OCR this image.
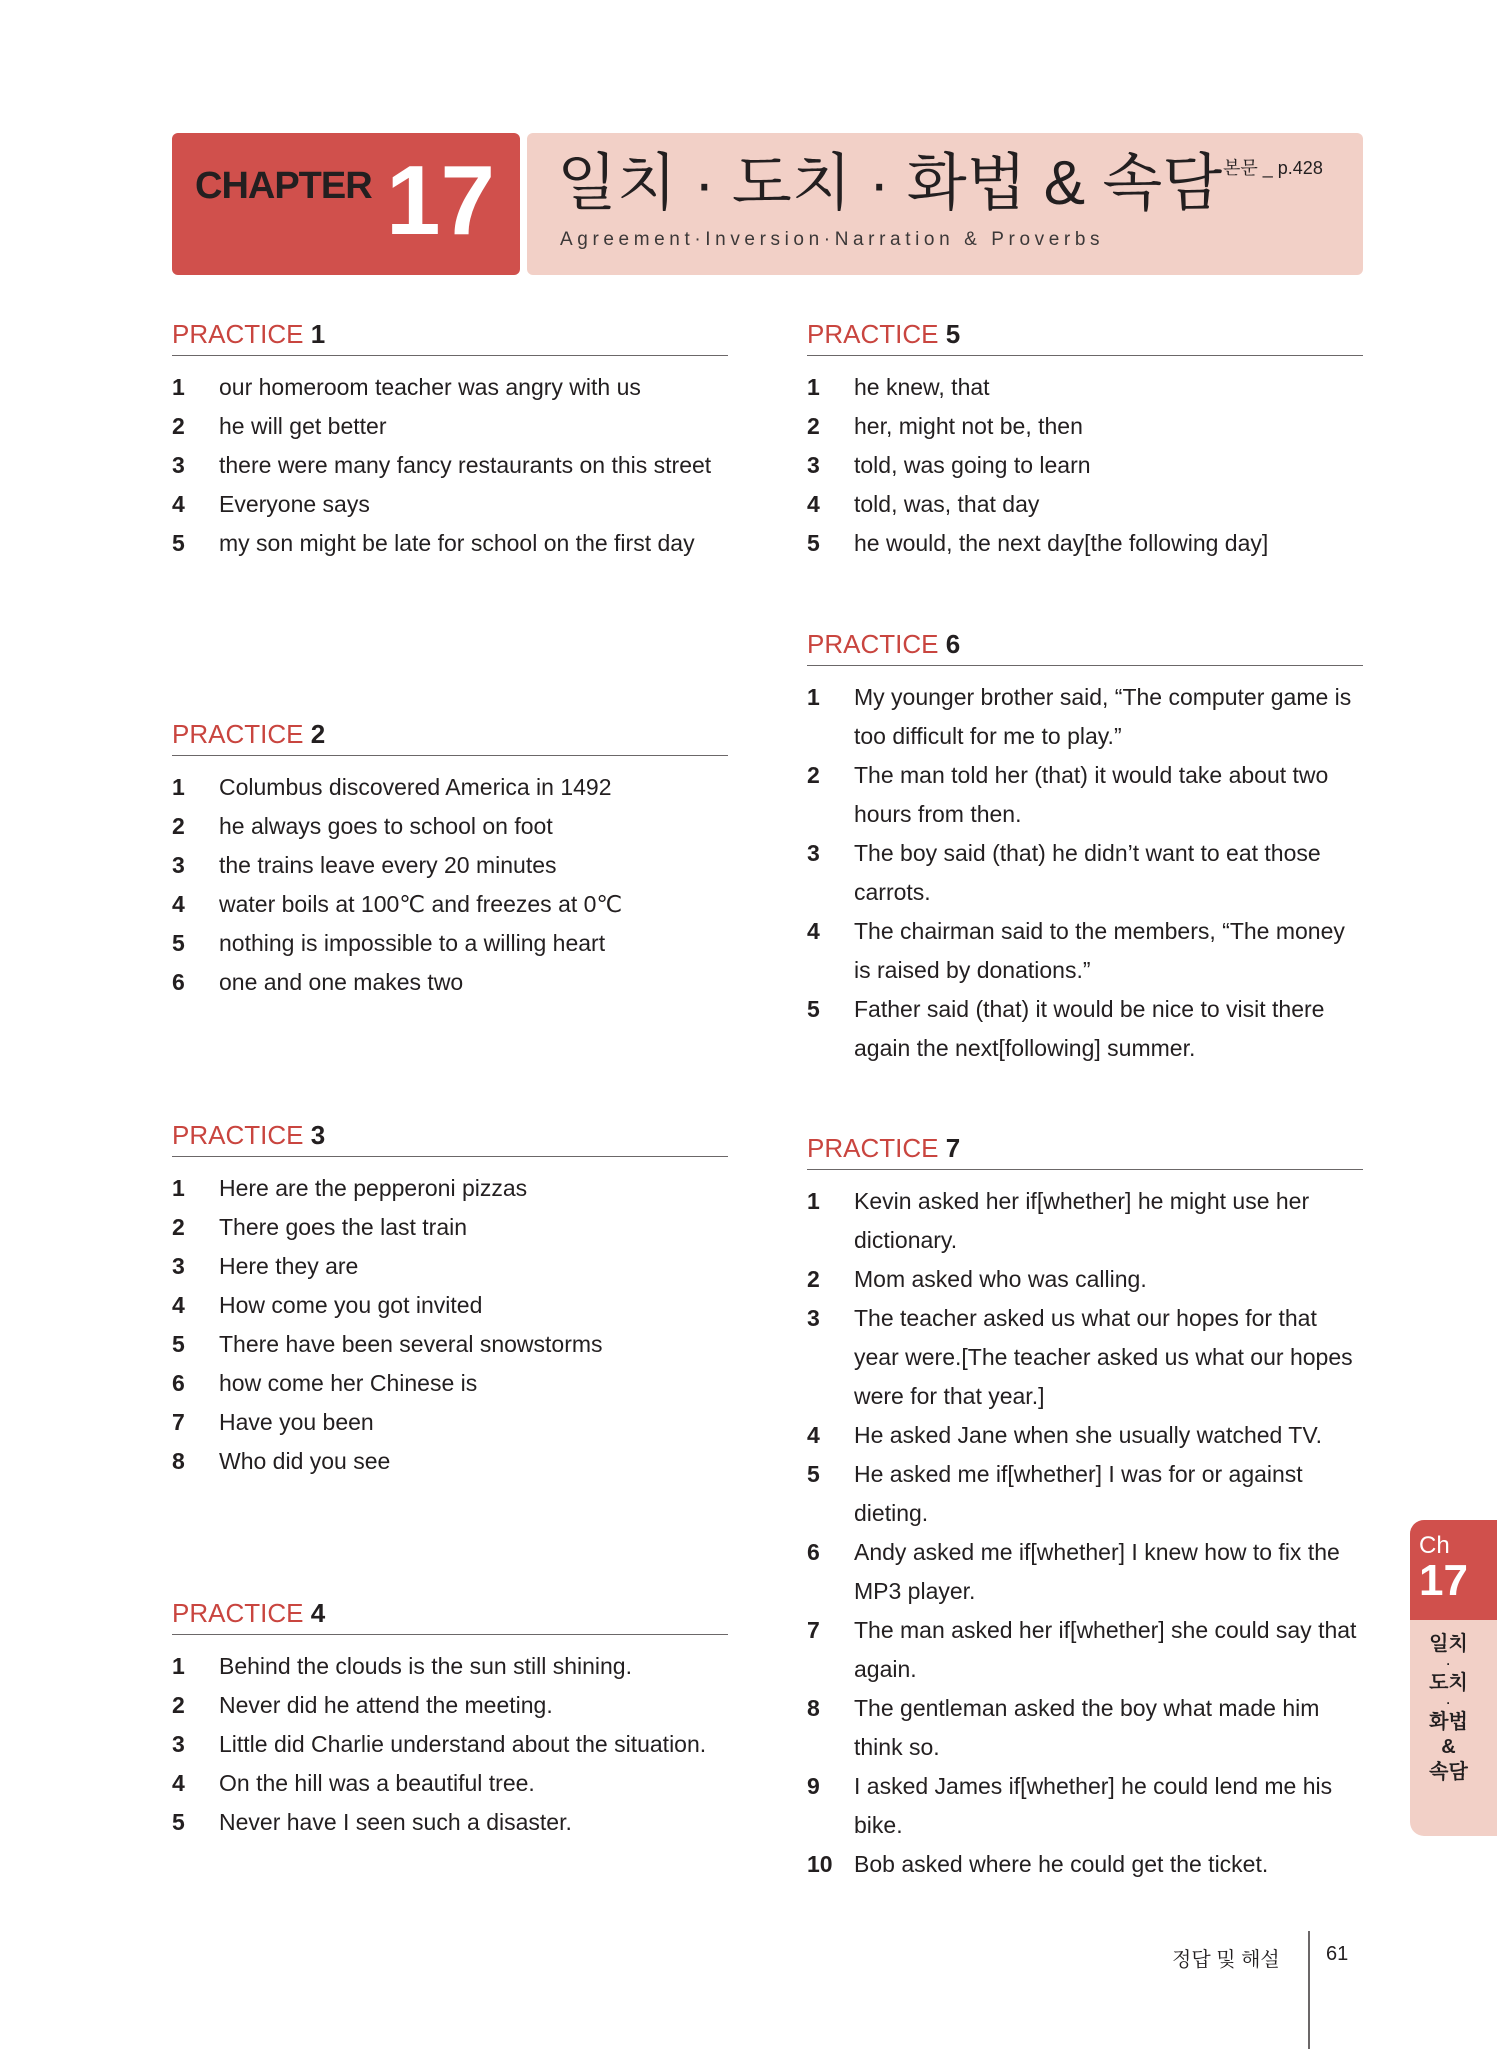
CHAPTER 17 일치 · 도치 · 화법 & 속담
Agreement·Inversion·Narration & Proverbs
본문 _ p.428
PRACTICE 1
1	our homeroom teacher was angry with us
2	he will get better
3	there were many fancy restaurants on this street
4	Everyone says
5	my son might be late for school on the first day
PRACTICE 2
1	Columbus discovered America in 1492
2	he always goes to school on foot
3	the trains leave every 20 minutes
4	water boils at 100℃ and freezes at 0℃
5	nothing is impossible to a willing heart
6	one and one makes two
PRACTICE 3
1	Here are the pepperoni pizzas
2	There goes the last train
3	Here they are
4	How come you got invited
5	There have been several snowstorms
6	how come her Chinese is
7	Have you been
8	Who did you see
PRACTICE 4
1	Behind the clouds is the sun still shining.
2	Never did he attend the meeting.
3	Little did Charlie understand about the situation.
4	On the hill was a beautiful tree.
5	Never have I seen such a disaster.
PRACTICE 5
1	he knew, that
2	her, might not be, then
3	told, was going to learn
4	told, was, that day
5	he would, the next day[the following day]
PRACTICE 6
1	My younger brother said, “The computer game is too difficult for me to play.”
2	The man told her (that) it would take about two hours from then.
3	The boy said (that) he didn’t want to eat those carrots.
4	The chairman said to the members, “The money is raised by donations.”
5	Father said (that) it would be nice to visit there again the next[following] summer.
PRACTICE 7
1	Kevin asked her if[whether] he might use her dictionary.
2	Mom asked who was calling.
3	The teacher asked us what our hopes for that year were.[The teacher asked us what our hopes were for that year.]
4	He asked Jane when she usually watched TV.
5	He asked me if[whether] I was for or against dieting.
6	Andy asked me if[whether] I knew how to fix the MP3 player.
7	The man asked her if[whether] she could say that again.
8	The gentleman asked the boy what made him think so.
9	I asked James if[whether] he could lend me his bike.
10 Bob asked where he could get the ticket.
Ch
17
일치
·
도치
·
화법
&
속담
정답 및 해설 61
